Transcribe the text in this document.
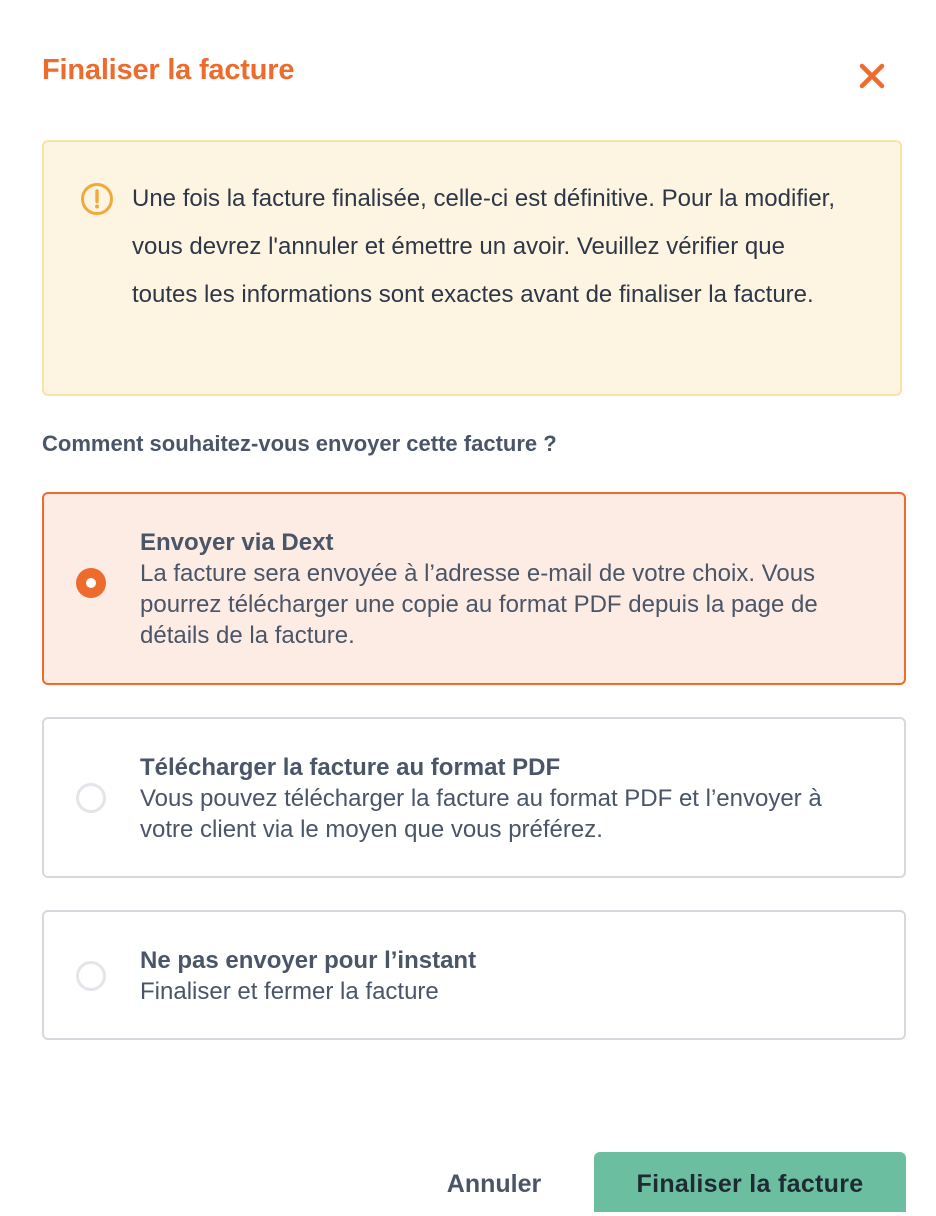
Finaliser la facture
Une fois la facture finalisée, celle-ci est définitive. Pour la modifier, vous devrez l'annuler et émettre un avoir. Veuillez vérifier que toutes les informations sont exactes avant de finaliser la facture.
Comment souhaitez-vous envoyer cette facture ?
Envoyer via Dext
La facture sera envoyée à l’adresse e-mail de votre choix. Vous pourrez télécharger une copie au format PDF depuis la page de détails de la facture.
Télécharger la facture au format PDF
Vous pouvez télécharger la facture au format PDF et l’envoyer à votre client via le moyen que vous préférez.
Ne pas envoyer pour l’instant
Finaliser et fermer la facture
Annuler	Finaliser la facture
